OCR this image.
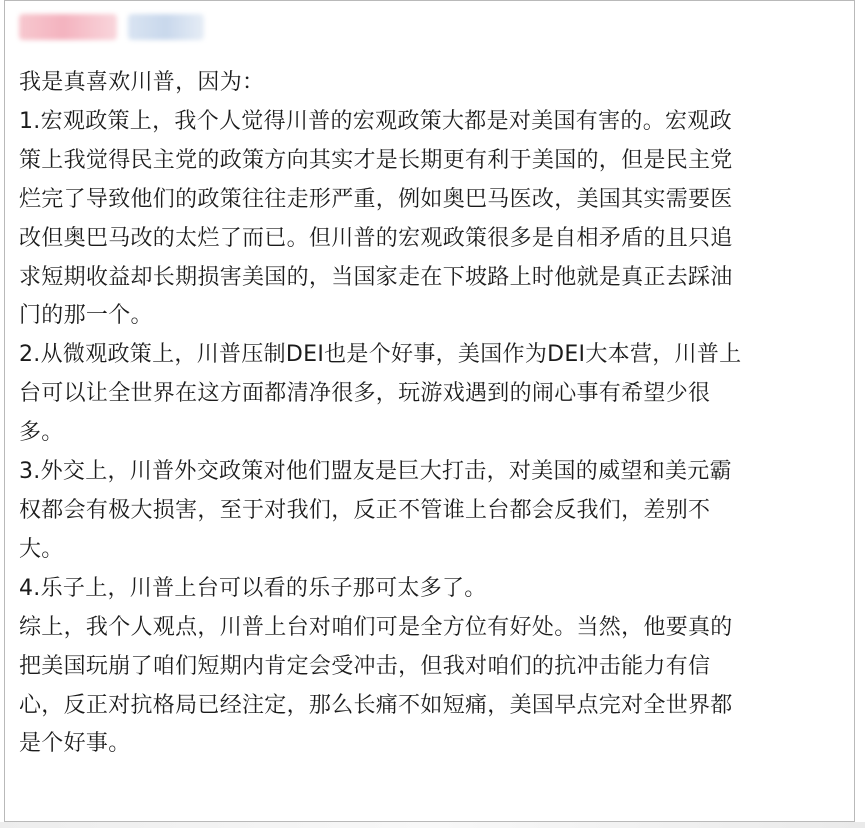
我是真喜欢川普，因为：

1.宏观政策上，我个人觉得川普的宏观政策大都是对美国有害的。宏观政

策上我觉得民主党的政策方向其实才是长期更有利于美国的，但是民主党

烂完了导致他们的政策往往走形严重，例如奥巴马医改，美国其实需要医

改但奥巴马改的太烂了而已。但川普的宏观政策很多是自相矛盾的且只追

求短期收益却长期损害美国的，当国家走在下坡路上时他就是真正去踩油

门的那一个。

2.从微观政策上，川普压制DEI也是个好事，美国作为DEI大本营，川普上

台可以让全世界在这方面都清净很多，玩游戏遇到的闹心事有希望少很

多。

3.外交上，川普外交政策对他们盟友是巨大打击，对美国的威望和美元霸

权都会有极大损害，至于对我们，反正不管谁上台都会反我们，差别不

大。

4.乐子上，川普上台可以看的乐子那可太多了。

综上，我个人观点，川普上台对咱们可是全方位有好处。当然，他要真的

把美国玩崩了咱们短期内肯定会受冲击，但我对咱们的抗冲击能力有信

心，反正对抗格局已经注定，那么长痛不如短痛，美国早点完对全世界都

是个好事。
